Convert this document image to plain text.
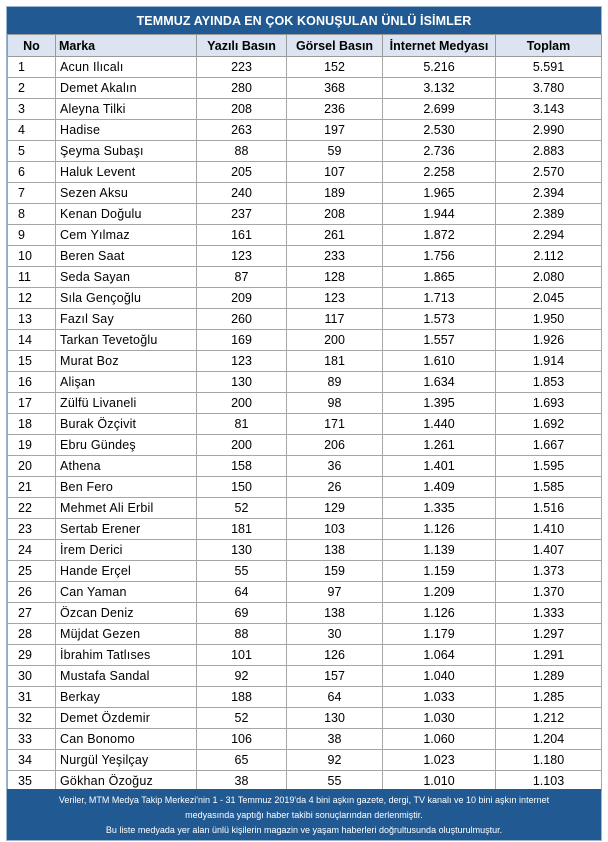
TEMMUZ AYINDA EN ÇOK KONUŞULAN ÜNLÜ İSİMLER
No	Marka	Yazılı Basın	Görsel Basın	İnternet Medyası	Toplam
1	Acun Ilıcalı	223	152	5.216	5.591
2	Demet Akalın	280	368	3.132	3.780
3	Aleyna Tilki	208	236	2.699	3.143
4	Hadise	263	197	2.530	2.990
5	Şeyma Subaşı	88	59	2.736	2.883
6	Haluk Levent	205	107	2.258	2.570
7	Sezen Aksu	240	189	1.965	2.394
8	Kenan Doğulu	237	208	1.944	2.389
9	Cem Yılmaz	161	261	1.872	2.294
10	Beren Saat	123	233	1.756	2.112
11	Seda Sayan	87	128	1.865	2.080
12	Sıla Gençoğlu	209	123	1.713	2.045
13	Fazıl Say	260	117	1.573	1.950
14	Tarkan Tevetoğlu	169	200	1.557	1.926
15	Murat Boz	123	181	1.610	1.914
16	Alişan	130	89	1.634	1.853
17	Zülfü Livaneli	200	98	1.395	1.693
18	Burak Özçivit	81	171	1.440	1.692
19	Ebru Gündeş	200	206	1.261	1.667
20	Athena	158	36	1.401	1.595
21	Ben Fero	150	26	1.409	1.585
22	Mehmet Ali Erbil	52	129	1.335	1.516
23	Sertab Erener	181	103	1.126	1.410
24	İrem Derici	130	138	1.139	1.407
25	Hande Erçel	55	159	1.159	1.373
26	Can Yaman	64	97	1.209	1.370
27	Özcan Deniz	69	138	1.126	1.333
28	Müjdat Gezen	88	30	1.179	1.297
29	İbrahim Tatlıses	101	126	1.064	1.291
30	Mustafa Sandal	92	157	1.040	1.289
31	Berkay	188	64	1.033	1.285
32	Demet Özdemir	52	130	1.030	1.212
33	Can Bonomo	106	38	1.060	1.204
34	Nurgül Yeşilçay	65	92	1.023	1.180
35	Gökhan Özoğuz	38	55	1.010	1.103
Veriler, MTM Medya Takip Merkezi'nin 1 - 31 Temmuz 2019'da 4 bini aşkın gazete, dergi, TV kanalı ve 10 bini aşkın internet
medyasında yaptığı haber takibi sonuçlarından derlenmiştir.
Bu liste medyada yer alan ünlü kişilerin magazin ve yaşam haberleri doğrultusunda oluşturulmuştur.
